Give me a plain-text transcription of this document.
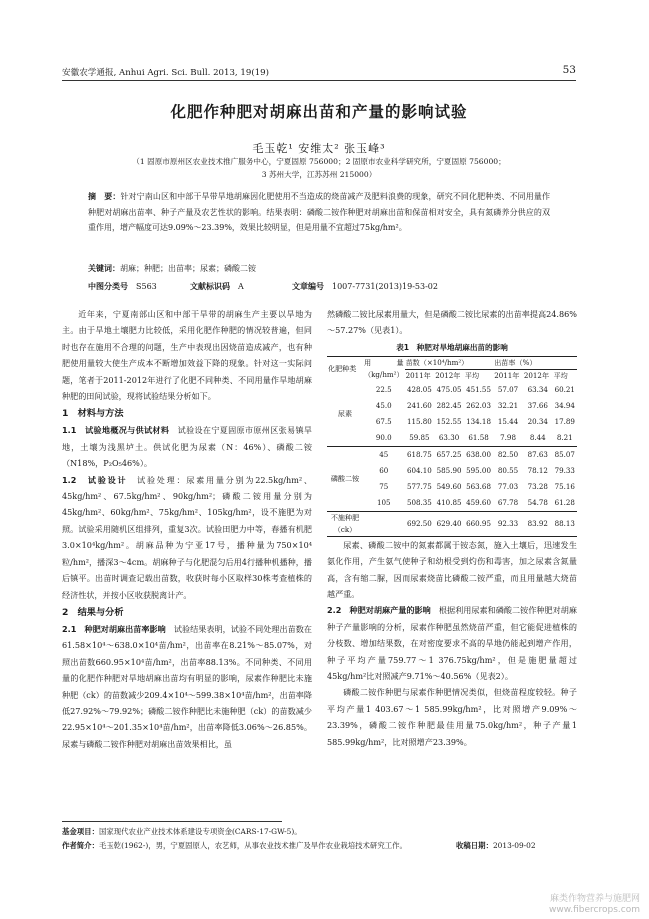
安徽农学通报, Anhui Agri. Sci. Bull. 2013, 19(19)	53
化肥作种肥对胡麻出苗和产量的影响试验
毛玉乾¹ 安维太² 张玉峰³
（1 固原市原州区农业技术推广服务中心，宁夏固原 756000；2 固原市农业科学研究所，宁夏固原 756000；
3 苏州大学，江苏苏州 215000）
摘　要：针对宁南山区和中部干旱带旱地胡麻因化肥使用不当造成的烧苗减产及肥料浪费的现象，研究不同化肥种类、不同用量作种肥对胡麻出苗率、种子产量及农艺性状的影响。结果表明：磷酸二铵作种肥对胡麻出苗和保苗相对安全，具有氮磷养分供应的双重作用，增产幅度可达9.09%～23.39%，效果比较明显，但是用量不宜超过75kg/hm²。
关键词：胡麻；种肥；出苗率；尿素；磷酸二铵
中图分类号　 S563	文献标识码　 A	文章编号　 1007-7731(2013)19-53-02

近年来，宁夏南部山区和中部干旱带的胡麻生产主要以旱地为主。由于旱地土壤肥力比较低，采用化肥作种肥的情况较普遍，但同时也存在施用不合理的问题，生产中表现出因烧苗造成减产，也有种肥使用量较大使生产成本不断增加效益下降的现象。针对这一实际问题，笔者于2011-2012年进行了化肥不同种类、不同用量作旱地胡麻种肥的田间试验，现将试验结果分析如下。

1　材料与方法

1.1　试验地概况与供试材料　试验设在宁夏固原市原州区张易镇旱地，土壤为浅黑垆土。供试化肥为尿素（N：46%）、磷酸二铵（N18%，P₂O₅46%）。

1.2　试验设计　试验处理：尿素用量分别为22.5kg/hm²、45kg/hm²、67.5kg/hm²、90kg/hm²；磷酸二铵用量分别为45kg/hm²、60kg/hm²、75kg/hm²、105kg/hm²，设不施肥为对照。试验采用随机区组排列，重复3次。试验田肥力中等，春播有机肥3.0×10⁴kg/hm²。胡麻品种为宁亚17号，播种量为750×10⁴粒/hm²，播深3～4cm。胡麻种子与化肥混匀后用4行播种机播种，播后镇平。出苗时调查记载出苗数，收获时每小区取样30株考查植株的经济性状，并按小区收获脱离计产。

2　结果与分析

2.1　种肥对胡麻出苗率影响　试验结果表明，试验不同处理出苗数在61.58×10⁴～638.0×10⁴苗/hm²，出苗率在8.21%～85.07%，对照出苗数660.95×10⁴苗/hm²，出苗率88.13%。不同种类、不同用量的化肥作种肥对旱地胡麻出苗均有明显的影响，尿素作种肥比未施种肥（ck）的苗数减少209.4×10⁴～599.38×10⁴苗/hm²，出苗率降低27.92%～79.92%；磷酸二铵作种肥比未施种肥（ck）的苗数减少22.95×10⁴～201.35×10⁴苗/hm²，出苗率降低3.06%～26.85%。尿素与磷酸二铵作种肥对胡麻出苗效果相比，虽

然磷酸二铵比尿素用量大，但是磷酸二铵比尿素的出苗率提高24.86%～57.27%（见表1）。

表1　种肥对旱地胡麻出苗的影响
化肥种类	用量（kg/hm²）	苗数（×10⁴/hm²）			出苗率（%）		
		2011年	2012年	平均	2011年	2012年	平均
尿素	22.5	428.05	475.05	451.55	57.07	63.34	60.21
	45.0	241.60	282.45	262.03	32.21	37.66	34.94
	67.5	115.80	152.55	134.18	15.44	20.34	17.89
	90.0	59.85	63.30	61.58	7.98	8.44	8.21
磷酸二铵	45	618.75	657.25	638.00	82.50	87.63	85.07
	60	604.10	585.90	595.00	80.55	78.12	79.33
	75	577.75	549.60	563.68	77.03	73.28	75.16
	105	508.35	410.85	459.60	67.78	54.78	61.28
不施种肥（ck）		692.50	629.40	660.95	92.33	83.92	88.13

尿素、磷酸二铵中的氮素都属于铵态氮，施入土壤后，迅速发生氨化作用，产生氨气使种子和幼根受到灼伤和毒害，加之尿素含氮量高，含有缩二脲，因而尿素烧苗比磷酸二铵严重，而且用量越大烧苗越严重。

2.2　种肥对胡麻产量的影响　根据利用尿素和磷酸二铵作种肥对胡麻种子产量影响的分析，尿素作种肥虽然烧苗严重，但它能促进植株的分枝数、增加结果数，在对密度要求不高的旱地仍能起到增产作用，种子平均产量759.77～1 376.75kg/hm²，但是施肥量超过45kg/hm²比对照减产9.71%～40.56%（见表2）。

磷酸二铵作种肥与尿素作种肥情况类似，但烧苗程度较轻。种子平均产量1 403.67～1 585.99kg/hm²，比对照增产9.09%～23.39%，磷酸二铵作种肥最佳用量75.0kg/hm²，种子产量1 585.99kg/hm²，比对照增产23.39%。

基金项目：国家现代农业产业技术体系建设专项资金(CARS-17-GW-5)。
作者简介：毛玉乾(1962-)，男，宁夏固原人，农艺师，从事农业技术推广及旱作农业栽培技术研究工作。	收稿日期：2013-09-02
麻类作物营养与施肥网
www.fibercrops.com
